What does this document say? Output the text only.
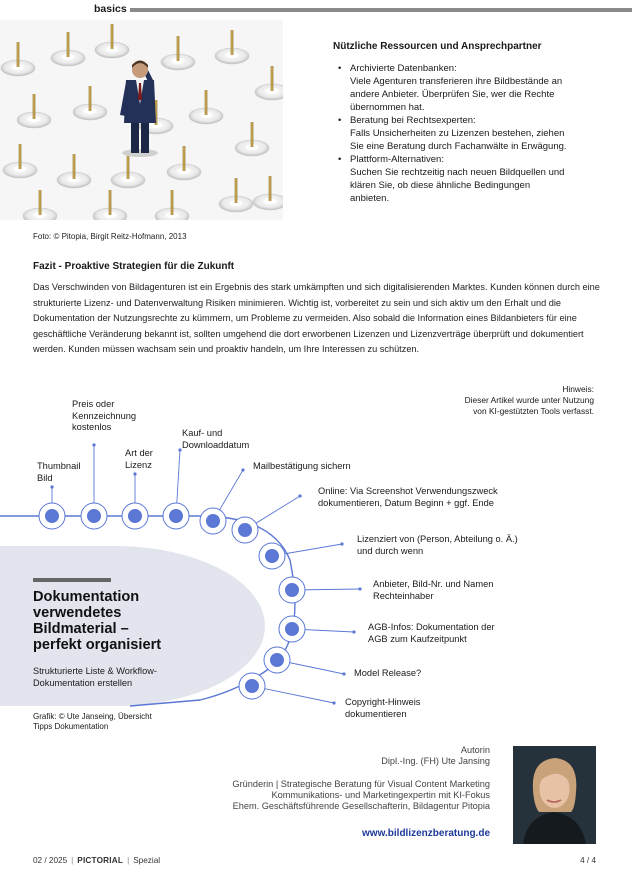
basics
Foto: © Pitopia, Birgit Reitz-Hofmann, 2013
Nützliche Ressourcen und Ansprechpartner
• Archivierte Datenbanken:
Viele Agenturen transferieren ihre Bildbestände an
andere Anbieter. Überprüfen Sie, wer die Rechte
übernommen hat.
• Beratung bei Rechtsexperten:
Falls Unsicherheiten zu Lizenzen bestehen, ziehen
Sie eine Beratung durch Fachanwälte in Erwägung.
• Plattform-Alternativen:
Suchen Sie rechtzeitig nach neuen Bildquellen und
klären Sie, ob diese ähnliche Bedingungen
anbieten.
Fazit - Proaktive Strategien für die Zukunft
Das Verschwinden von Bildagenturen ist ein Ergebnis des stark umkämpften und sich digitalisierenden Marktes. Kunden können durch eine strukturierte Lizenz- und Datenverwaltung Risiken minimieren. Wichtig ist, vorbereitet zu sein und sich aktiv um den Erhalt und die Dokumentation der Nutzungsrechte zu kümmern, um Probleme zu vermeiden. Also sobald die Information eines Bildanbieters für eine geschäftliche Veränderung bekannt ist, sollten umgehend die dort erworbenen Lizenzen und Lizenzverträge überprüft und dokumentiert werden. Kunden müssen wachsam sein und proaktiv handeln, um Ihre Interessen zu schützen.
Hinweis:
Dieser Artikel wurde unter Nutzung
von KI-gestützten Tools verfasst.
Dokumentation
verwendetes
Bildmaterial –
perfekt organisiert
Strukturierte Liste & Workflow-
Dokumentation erstellen
Thumbnail
Bild
Preis oder
Kennzeichnung
kostenlos
Art der
Lizenz
Kauf- und
Downloaddatum
Mailbestätigung sichern
Online: Via Screenshot Verwendungszweck
dokumentieren, Datum Beginn + ggf. Ende
Lizenziert von (Person, Abteilung o. Ä.)
und durch wenn
Anbieter, Bild-Nr. und Namen
Rechteinhaber
AGB-Infos: Dokumentation der
AGB zum Kaufzeitpunkt
Model Release?
Copyright-Hinweis
dokumentieren
Grafik: © Ute Janseing, Übersicht
Tipps Dokumentation
Autorin
Dipl.-Ing. (FH) Ute Jansing
Gründerin | Strategische Beratung für Visual Content Marketing
Kommunikations- und Marketingexpertin mit KI-Fokus
Ehem. Geschäftsführende Gesellschafterin, Bildagentur Pitopia
www.bildlizenzberatung.de
02 / 2025 | PICTORIAL | Spezial	4 / 4
